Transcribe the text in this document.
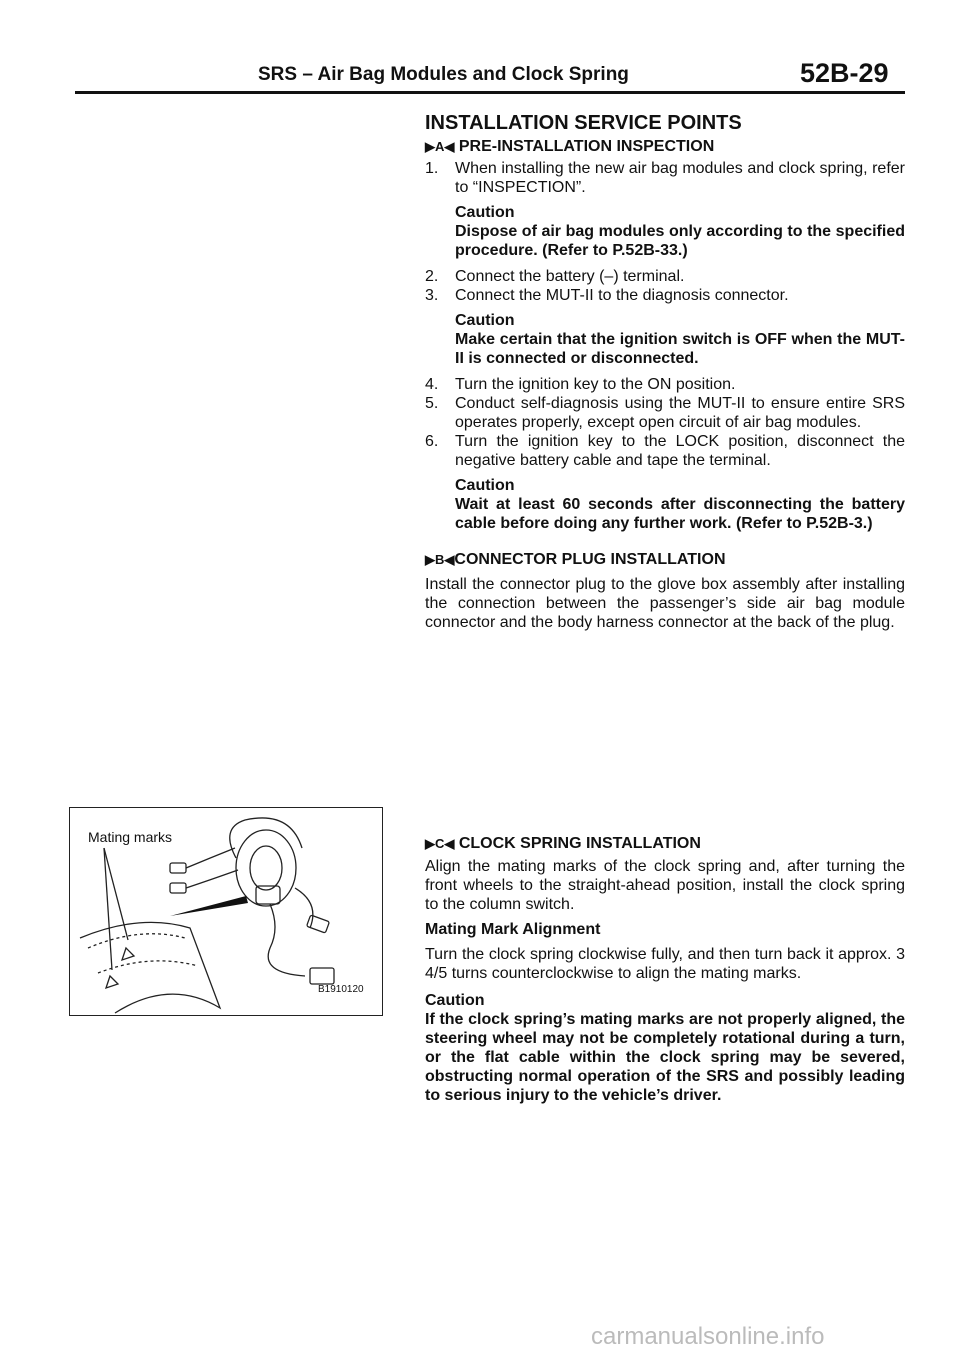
SRS – Air Bag Modules and Clock Spring	52B-29
INSTALLATION SERVICE POINTS
▶A◀ PRE-INSTALLATION INSPECTION
1. When installing the new air bag modules and clock spring, refer to “INSPECTION”.
Caution
Dispose of air bag modules only according to the specified procedure. (Refer to P.52B-33.)
2. Connect the battery (–) terminal.
3. Connect the MUT-II to the diagnosis connector.
Caution
Make certain that the ignition switch is OFF when the MUT-II is connected or disconnected.
4. Turn the ignition key to the ON position.
5. Conduct self-diagnosis using the MUT-II to ensure entire SRS operates properly, except open circuit of air bag modules.
6. Turn the ignition key to the LOCK position, disconnect the negative battery cable and tape the terminal.
Caution
Wait at least 60 seconds after disconnecting the battery cable before doing any further work. (Refer to P.52B-3.)
▶B◀CONNECTOR PLUG INSTALLATION

Install the connector plug to the glove box assembly after installing the connection between the passenger’s side air bag module connector and the body harness connector at the back of the plug.

▶C◀ CLOCK SPRING INSTALLATION

Align the mating marks of the clock spring and, after turning the front wheels to the straight-ahead position, install the clock spring to the column switch.

Mating Mark Alignment

Turn the clock spring clockwise fully, and then turn back it approx. 3 4/5 turns counterclockwise to align the mating marks.

Caution
If the clock spring’s mating marks are not properly aligned, the steering wheel may not be completely rotational during a turn, or the flat cable within the clock spring may be severed, obstructing normal operation of the SRS and possibly leading to serious injury to the vehicle’s driver.
Mating marks
B1910120
carmanualsonline.info
